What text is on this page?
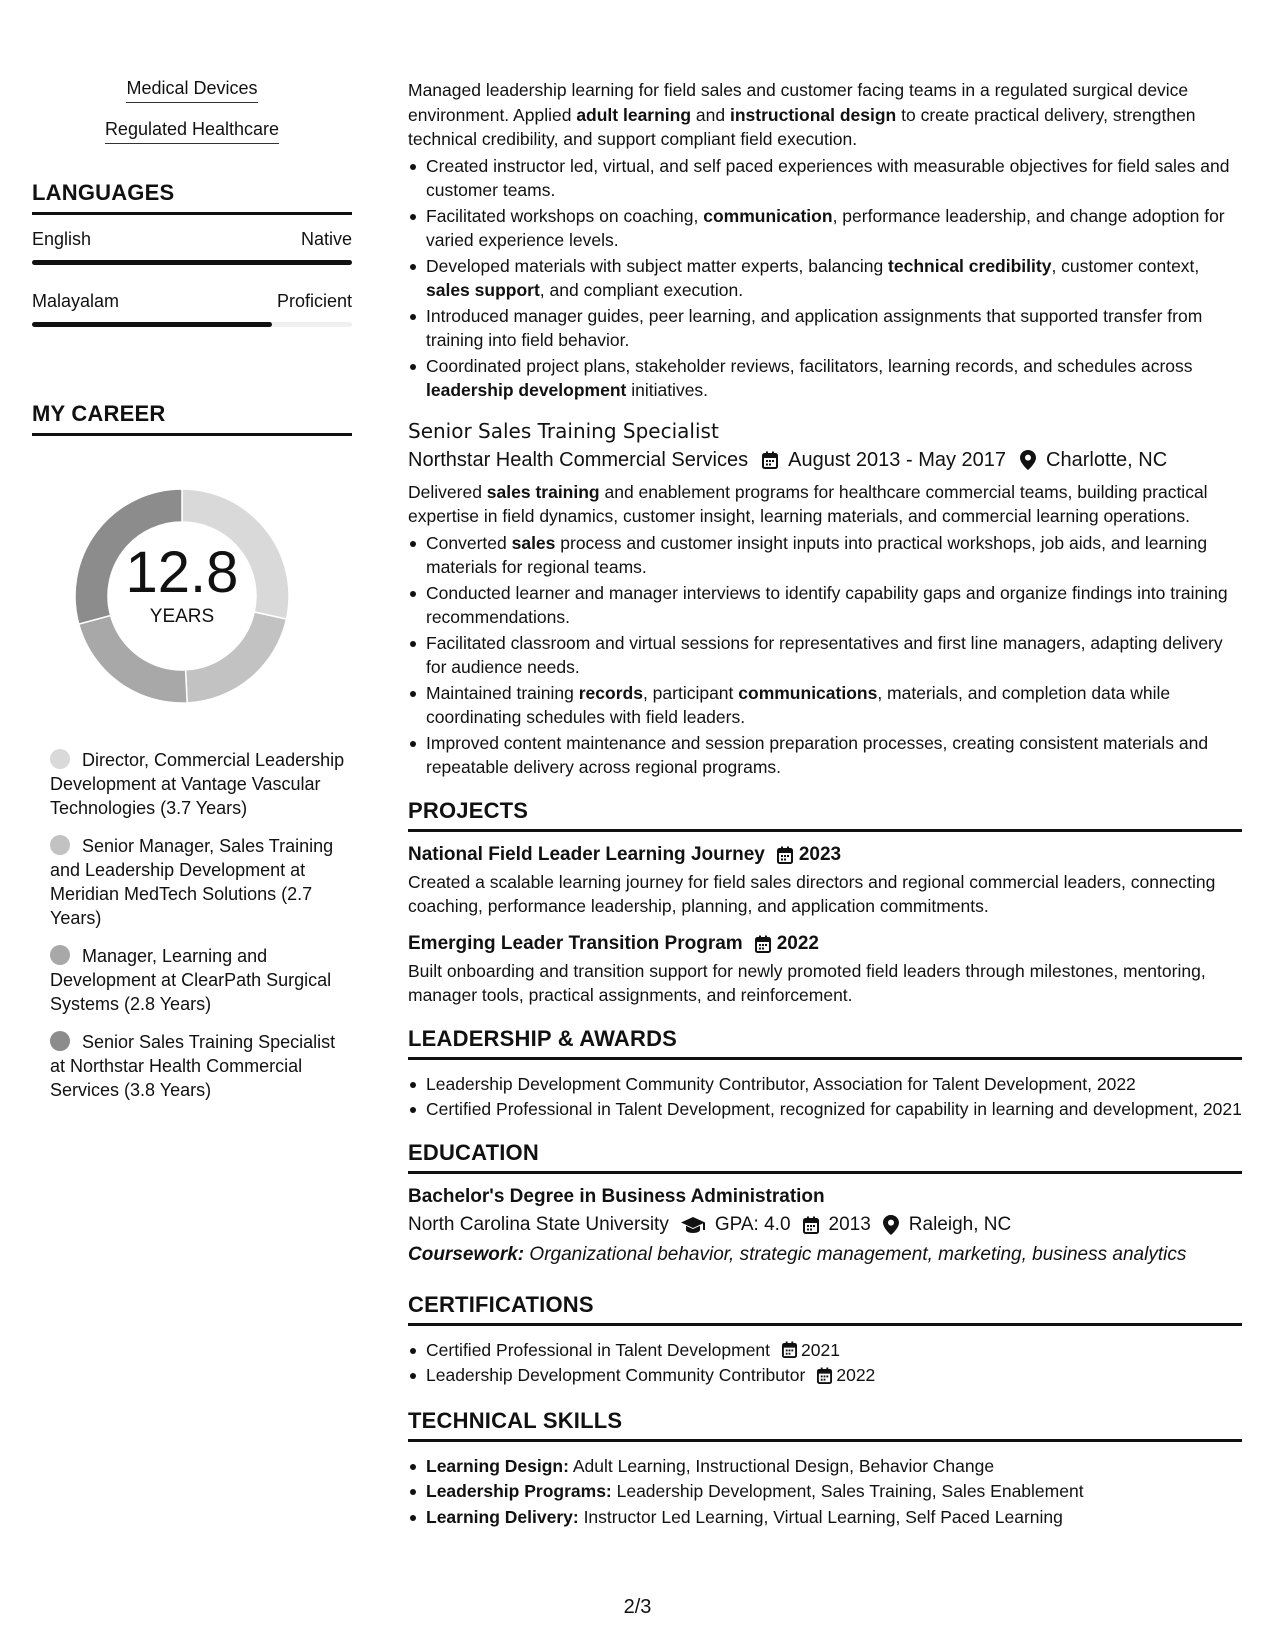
Medical Devices
Regulated Healthcare
LANGUAGES
English	Native
Malayalam	Proficient
MY CAREER
12.8
YEARS
Director, Commercial Leadership Development at Vantage Vascular Technologies (3.7 Years)
Senior Manager, Sales Training and Leadership Development at Meridian MedTech Solutions (2.7 Years)
Manager, Learning and Development at ClearPath Surgical Systems (2.8 Years)
Senior Sales Training Specialist at Northstar Health Commercial Services (3.8 Years)

Managed leadership learning for field sales and customer facing teams in a regulated surgical device environment. Applied adult learning and instructional design to create practical delivery, strengthen technical credibility, and support compliant field execution.

Created instructor led, virtual, and self paced experiences with measurable objectives for field sales and customer teams.
Facilitated workshops on coaching, communication, performance leadership, and change adoption for varied experience levels.
Developed materials with subject matter experts, balancing technical credibility, customer context, sales support, and compliant execution.
Introduced manager guides, peer learning, and application assignments that supported transfer from training into field behavior.
Coordinated project plans, stakeholder reviews, facilitators, learning records, and schedules across leadership development initiatives.
Senior Sales Training Specialist
Northstar Health Commercial Services August 2013 - May 2017 Charlotte, NC

Delivered sales training and enablement programs for healthcare commercial teams, building practical expertise in field dynamics, customer insight, learning materials, and commercial learning operations.

Converted sales process and customer insight inputs into practical workshops, job aids, and learning materials for regional teams.
Conducted learner and manager interviews to identify capability gaps and organize findings into training recommendations.
Facilitated classroom and virtual sessions for representatives and first line managers, adapting delivery for audience needs.
Maintained training records, participant communications, materials, and completion data while coordinating schedules with field leaders.
Improved content maintenance and session preparation processes, creating consistent materials and repeatable delivery across regional programs.
PROJECTS
National Field Leader Learning Journey 2023

Created a scalable learning journey for field sales directors and regional commercial leaders, connecting coaching, performance leadership, planning, and application commitments.

Emerging Leader Transition Program 2022

Built onboarding and transition support for newly promoted field leaders through milestones, mentoring, manager tools, practical assignments, and reinforcement.

LEADERSHIP & AWARDS
Leadership Development Community Contributor, Association for Talent Development, 2022
Certified Professional in Talent Development, recognized for capability in learning and development, 2021
EDUCATION
Bachelor's Degree in Business Administration
North Carolina State University GPA: 4.0 2013 Raleigh, NC
Coursework: Organizational behavior, strategic management, marketing, business analytics
CERTIFICATIONS
Certified Professional in Talent Development 2021
Leadership Development Community Contributor 2022
TECHNICAL SKILLS
Learning Design: Adult Learning, Instructional Design, Behavior Change
Leadership Programs: Leadership Development, Sales Training, Sales Enablement
Learning Delivery: Instructor Led Learning, Virtual Learning, Self Paced Learning
2/3
